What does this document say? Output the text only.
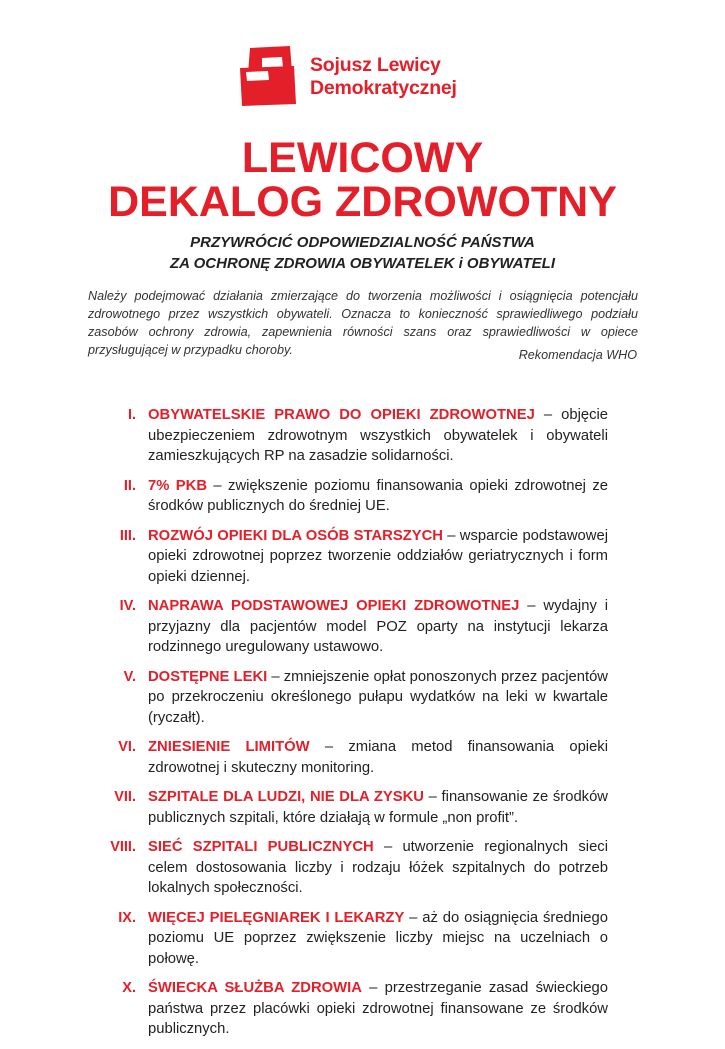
Sojusz Lewicy
Demokratycznej
LEWICOWY
DEKALOG ZDROWOTNY
PRZYWRÓCIĆ ODPOWIEDZIALNOŚĆ PAŃSTWA
ZA OCHRONĘ ZDROWIA OBYWATELEK i OBYWATELI
Należy podejmować działania zmierzające do tworzenia możliwości i osiągnięcia potencjału zdrowotnego przez wszystkich obywateli. Oznacza to konieczność sprawiedliwego podziału zasobów ochrony zdrowia, zapewnienia równości szans oraz sprawiedliwości w opiece przysługującej w przypadku choroby.	Rekomendacja WHO
I. OBYWATELSKIE PRAWO DO OPIEKI ZDROWOTNEJ – objęcie ubezpieczeniem zdrowotnym wszystkich obywatelek i obywateli zamieszkujących RP na zasadzie solidarności.
II. 7% PKB – zwiększenie poziomu finansowania opieki zdrowotnej ze środków publicznych do średniej UE.
III. ROZWÓJ OPIEKI DLA OSÓB STARSZYCH – wsparcie podstawowej opieki zdrowotnej poprzez tworzenie oddziałów geriatrycznych i form opieki dziennej.
IV. NAPRAWA PODSTAWOWEJ OPIEKI ZDROWOTNEJ – wydajny i przyjazny dla pacjentów model POZ oparty na instytucji lekarza rodzinnego uregulowany ustawowo.
V. DOSTĘPNE LEKI – zmniejszenie opłat ponoszonych przez pacjentów po przekroczeniu określonego pułapu wydatków na leki w kwartale (ryczałt).
VI. ZNIESIENIE LIMITÓW – zmiana metod finansowania opieki zdrowotnej i skuteczny monitoring.
VII. SZPITALE DLA LUDZI, NIE DLA ZYSKU – finansowanie ze środków publicznych szpitali, które działają w formule „non profit”.
VIII. SIEĆ SZPITALI PUBLICZNYCH – utworzenie regionalnych sieci celem dostosowania liczby i rodzaju łóżek szpitalnych do potrzeb lokalnych społeczności.
IX. WIĘCEJ PIELĘGNIAREK I LEKARZY – aż do osiągnięcia średniego poziomu UE poprzez zwiększenie liczby miejsc na uczelniach o połowę.
X. ŚWIECKA SŁUŻBA ZDROWIA – przestrzeganie zasad świeckiego państwa przez placówki opieki zdrowotnej finansowane ze środków publicznych.
